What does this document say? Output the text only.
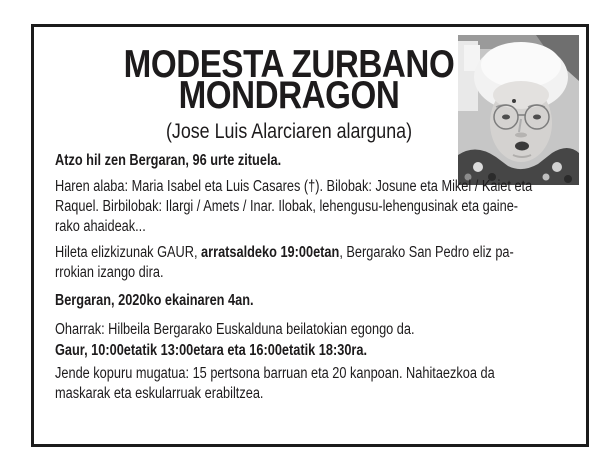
MODESTA ZURBANO
MONDRAGON
(Jose Luis Alarciaren alarguna)

Atzo hil zen Bergaran, 96 urte zituela.

Haren alaba: Maria Isabel eta Luis Casares (†). Bilobak: Josune eta Mikel / Kaiet eta
Raquel. Birbilobak: Ilargi / Amets / Inar. Ilobak, lehengusu-lehengusinak eta gaine-
rako ahaideak...

Hileta elizkizunak GAUR, arratsaldeko 19:00etan, Bergarako San Pedro eliz pa-
rrokian izango dira.

Bergaran, 2020ko ekainaren 4an.

Oharrak: Hilbeila Bergarako Euskalduna beilatokian egongo da.

Gaur, 10:00etatik 13:00etara eta 16:00etatik 18:30ra.

Jende kopuru mugatua: 15 pertsona barruan eta 20 kanpoan. Nahitaezkoa da
maskarak eta eskularruak erabiltzea.
